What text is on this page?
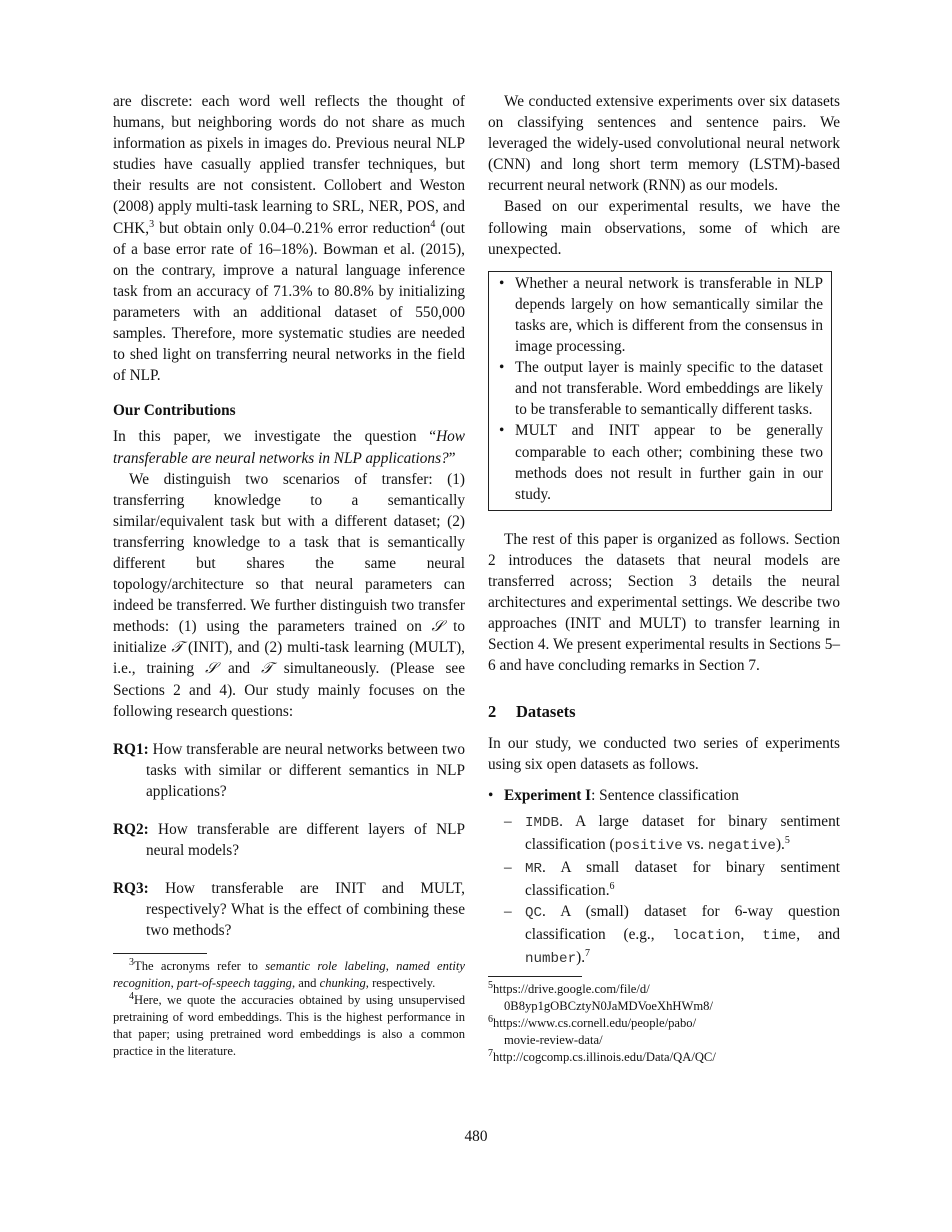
are discrete: each word well reflects the thought of humans, but neighboring words do not share as much information as pixels in images do. Previous neural NLP studies have casually applied transfer techniques, but their results are not consistent. Collobert and Weston (2008) apply multi-task learning to SRL, NER, POS, and CHK,$^3$ but obtain only 0.04–0.21% error reduction$^4$ (out of a base error rate of 16–18%). Bowman et al. (2015), on the contrary, improve a natural language inference task from an accuracy of 71.3% to 80.8% by initializing parameters with an additional dataset of 550,000 samples. Therefore, more systematic studies are needed to shed light on transferring neural networks in the field of NLP.

Our Contributions

In this paper, we investigate the question “How transferable are neural networks in NLP applications?”

We distinguish two scenarios of transfer: (1) transferring knowledge to a semantically similar/equivalent task but with a different dataset; (2) transferring knowledge to a task that is semantically different but shares the same neural topology/architecture so that neural parameters can indeed be transferred. We further distinguish two transfer methods: (1) using the parameters trained on 𝒮 to initialize 𝒯 (INIT), and (2) multi-task learning (MULT), i.e., training 𝒮 and 𝒯 simultaneously. (Please see Sections 2 and 4). Our study mainly focuses on the following research questions:

RQ1: How transferable are neural networks between two tasks with similar or different semantics in NLP applications?
RQ2: How transferable are different layers of NLP neural models?
RQ3: How transferable are INIT and MULT, respectively? What is the effect of combining these two methods?

$^3$The acronyms refer to semantic role labeling, named entity recognition, part-of-speech tagging, and chunking, respectively.

$^4$Here, we quote the accuracies obtained by using unsupervised pretraining of word embeddings. This is the highest performance in that paper; using pretrained word embeddings is also a common practice in the literature.

We conducted extensive experiments over six datasets on classifying sentences and sentence pairs. We leveraged the widely-used convolutional neural network (CNN) and long short term memory (LSTM)-based recurrent neural network (RNN) as our models.

Based on our experimental results, we have the following main observations, some of which are unexpected.

• Whether a neural network is transferable in NLP depends largely on how semantically similar the tasks are, which is different from the consensus in image processing.
• The output layer is mainly specific to the dataset and not transferable. Word embeddings are likely to be transferable to semantically different tasks.
• MULT and INIT appear to be generally comparable to each other; combining these two methods does not result in further gain in our study.

The rest of this paper is organized as follows. Section 2 introduces the datasets that neural models are transferred across; Section 3 details the neural architectures and experimental settings. We describe two approaches (INIT and MULT) to transfer learning in Section 4. We present experimental results in Sections 5–6 and have concluding remarks in Section 7.

2 Datasets

In our study, we conducted two series of experiments using six open datasets as follows.

• Experiment I: Sentence classification
– IMDB. A large dataset for binary sentiment classification (positive vs. negative).$^5$
– MR. A small dataset for binary sentiment classification.$^6$
– QC. A (small) dataset for 6-way question classification (e.g., location, time, and number).$^7$
$^5$https://drive.google.com/file/d/
0B8yp1gOBCztyN0JaMDVoeXhHWm8/
$^6$https://www.cs.cornell.edu/people/pabo/
movie-review-data/
$^7$http://cogcomp.cs.illinois.edu/Data/QA/QC/
480
